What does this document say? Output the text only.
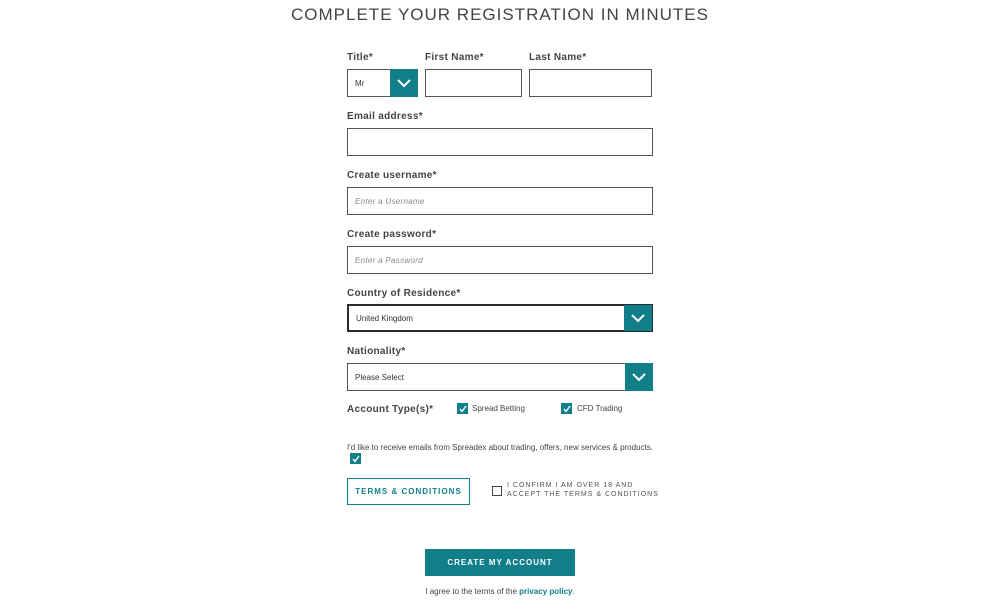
COMPLETE YOUR REGISTRATION IN MINUTES
Title*	First Name*	Last Name*
Mr
Email address*
Create username*
Enter a Username
Create password*
Country of Residence*
United Kingdom
Nationality*
Please Select
Account Type(s)*	Spread Betting	CFD Trading
I'd like to receive emails from Spreadex about trading, offers, new services & products.
TERMS & CONDITIONS
I CONFIRM I AM OVER 18 AND ACCEPT THE TERMS & CONDITIONS
CREATE MY ACCOUNT
I agree to the terms of the privacy policy.
